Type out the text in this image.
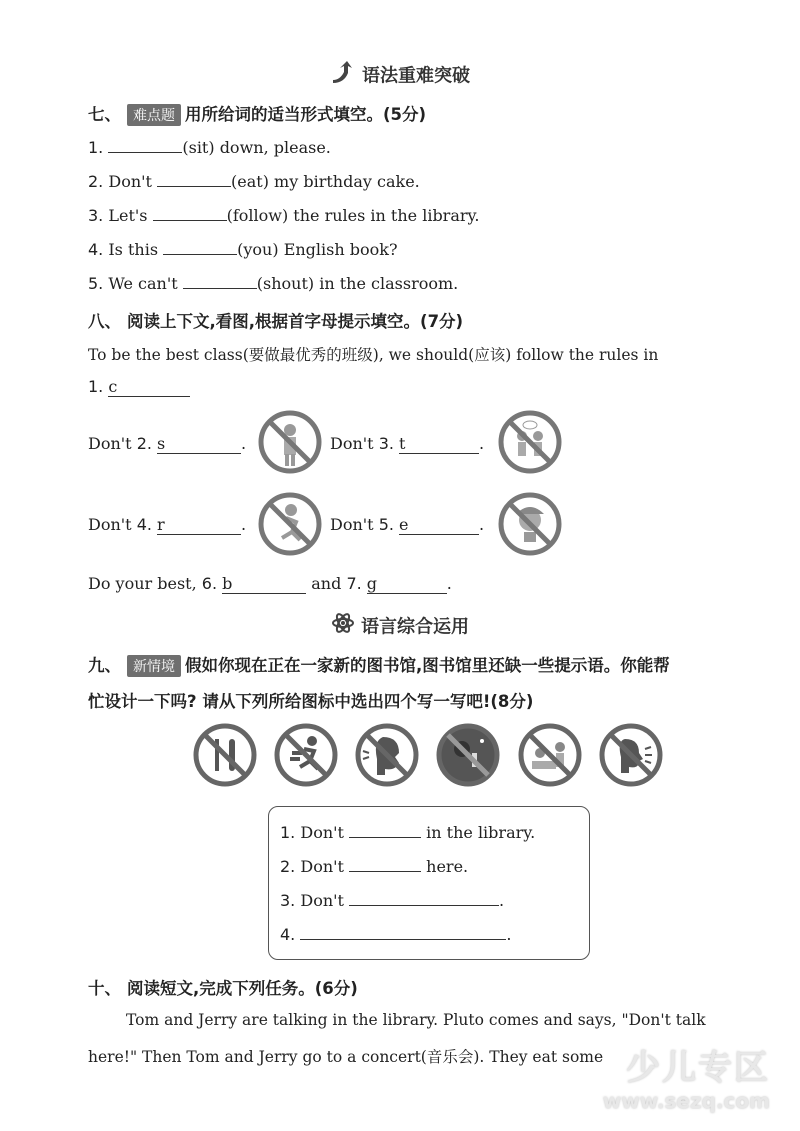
语法重难突破
七、 难点题 用所给词的适当形式填空。(5分)
1.	(sit) down, please.
2. Don't	(eat) my birthday cake.
3. Let's	(follow) the rules in the library.
4. Is this	(you) English book?
5. We can't	(shout) in the classroom.
八、 阅读上下文,看图,根据首字母提示填空。(7分)
To be the best class(要做最优秀的班级), we should(应该) follow the rules in
1. c
Don't 2. s	.	Don't 3. t	.
Don't 4. r	.	Don't 5. e	.
Do your best, 6. b	and 7. g	.
语言综合运用
九、 新情境 假如你现在正在一家新的图书馆,图书馆里还缺一些提示语。你能帮
忙设计一下吗? 请从下列所给图标中选出四个写一写吧!(8分)
1. Don't	in the library.
2. Don't	here.
3. Don't	.
4.	.
十、 阅读短文,完成下列任务。(6分)
Tom and Jerry are talking in the library. Pluto comes and says, "Don't talk
here!" Then Tom and Jerry go to a concert(音乐会). They eat some 少儿专区
www.sezq.com
